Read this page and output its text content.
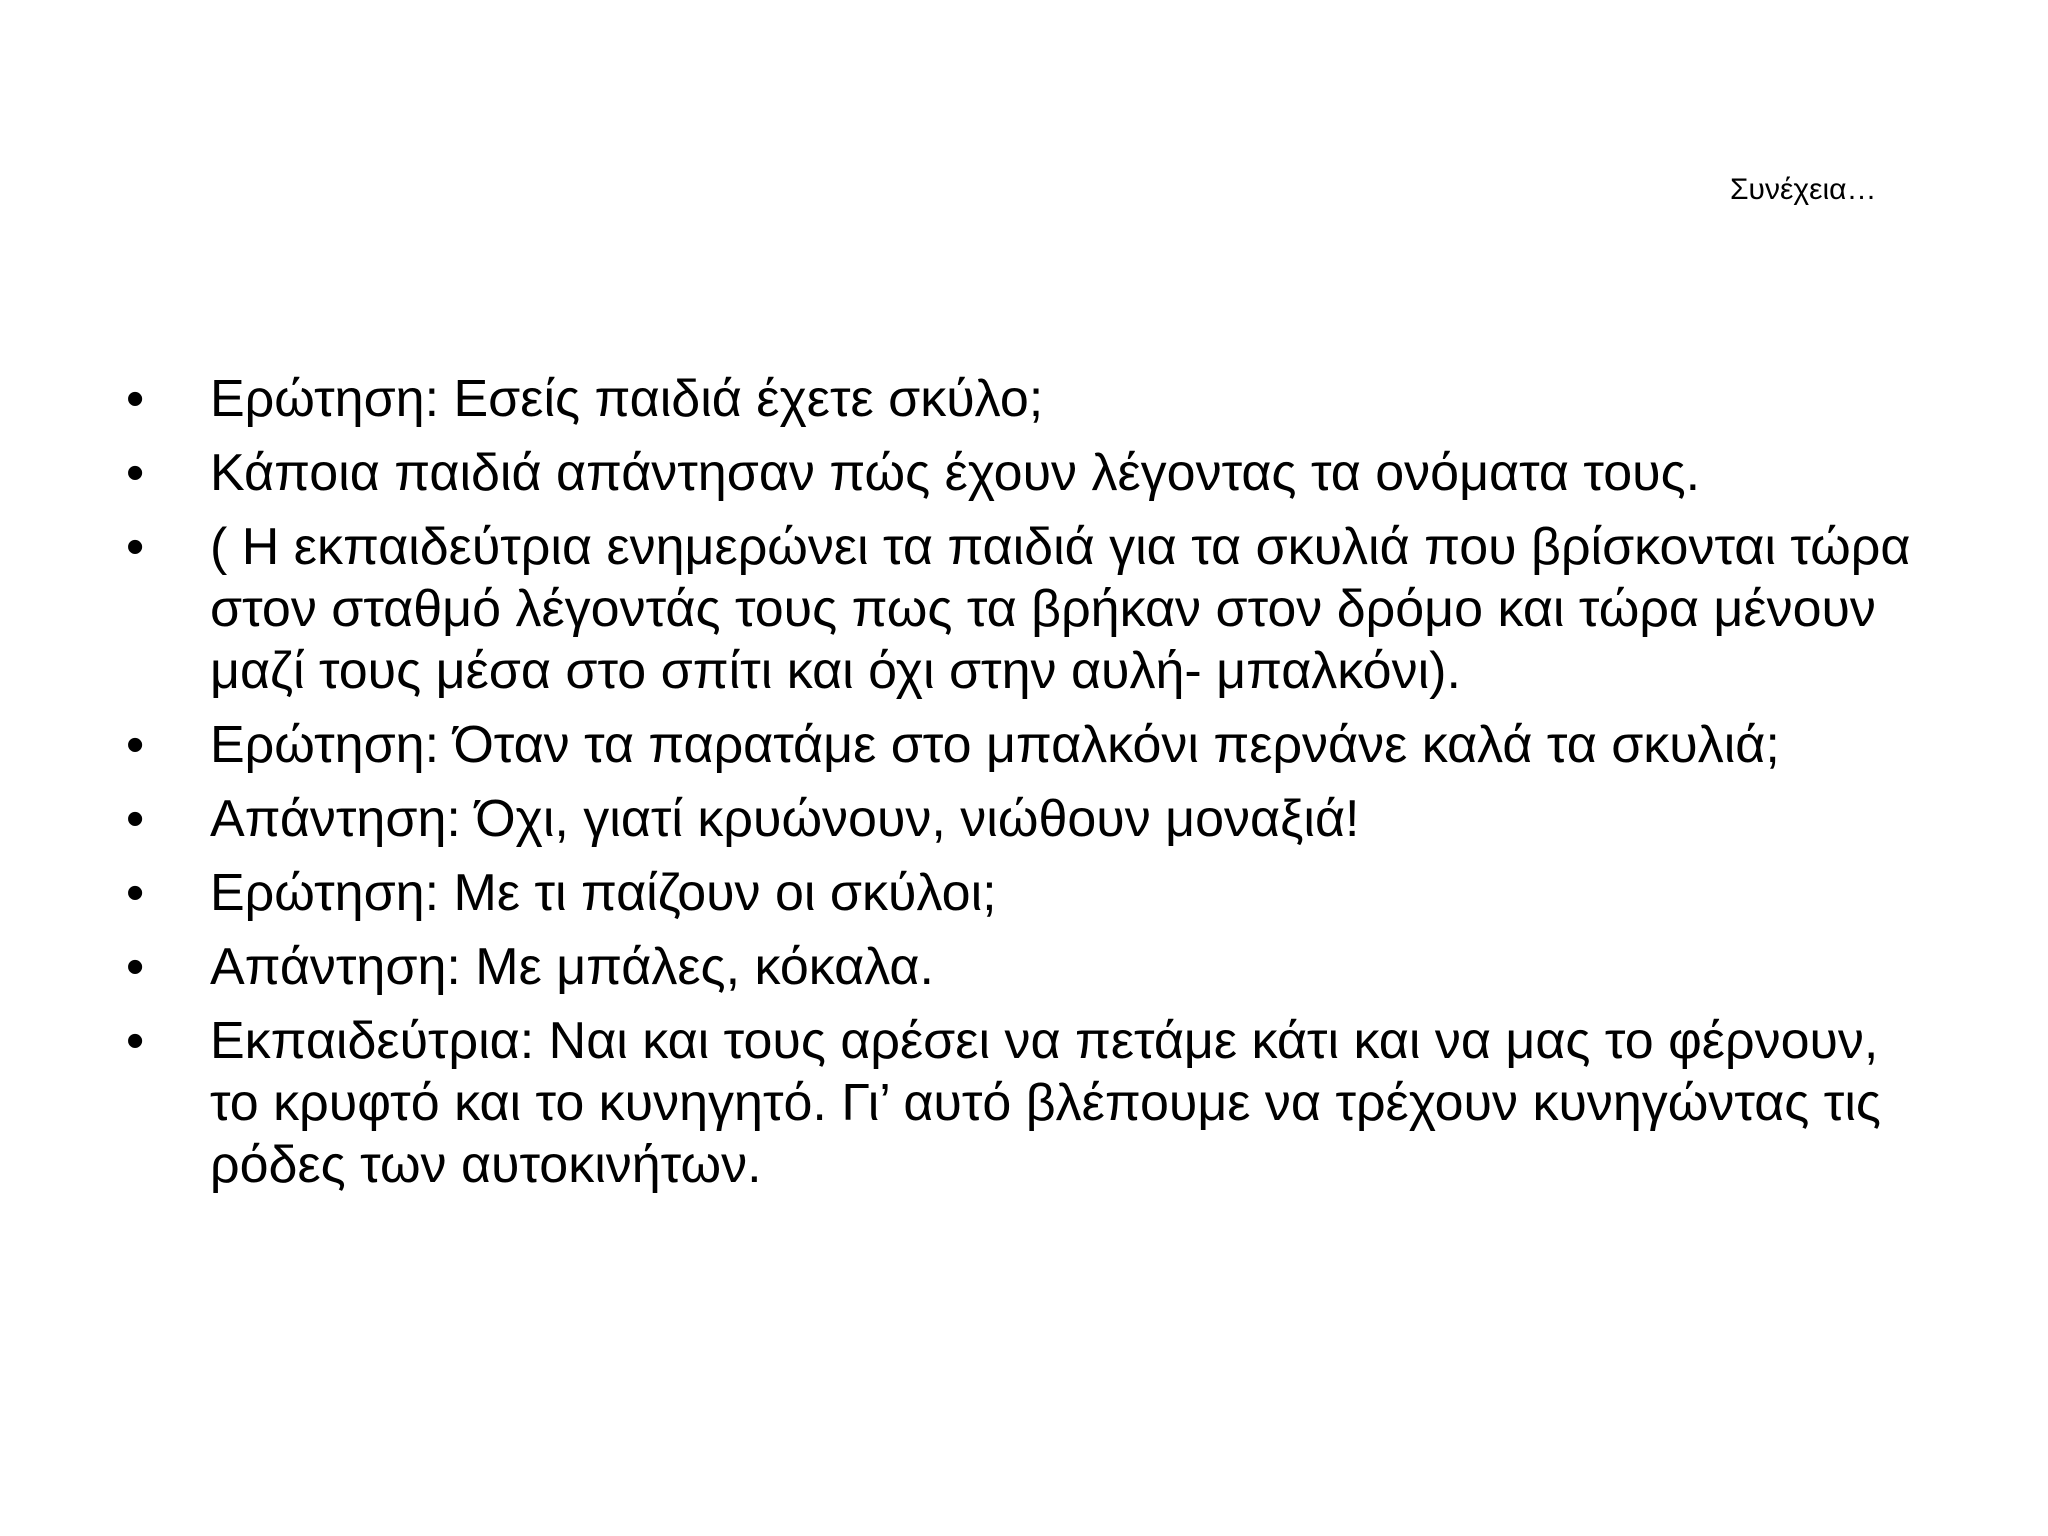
Συνέχεια…
•	Ερώτηση: Εσείς παιδιά έχετε σκύλο;
•	Κάποια παιδιά απάντησαν πώς έχουν λέγοντας τα ονόματα τους.
•	( Η εκπαιδεύτρια ενημερώνει τα παιδιά για τα σκυλιά που βρίσκονται τώρα στον σταθμό λέγοντάς τους πως τα βρήκαν στον δρόμο και τώρα μένουν μαζί τους μέσα στο σπίτι και όχι στην αυλή- μπαλκόνι).
•	Ερώτηση: Όταν τα παρατάμε στο μπαλκόνι περνάνε καλά τα σκυλιά;
•	Απάντηση: Όχι, γιατί κρυώνουν, νιώθουν μοναξιά!
•	Ερώτηση: Με τι παίζουν οι σκύλοι;
•	Απάντηση: Με μπάλες, κόκαλα.
•	Εκπαιδεύτρια: Ναι και τους αρέσει να πετάμε κάτι και να μας το φέρνουν, το κρυφτό και το κυνηγητό. Γι’ αυτό βλέπουμε να τρέχουν κυνηγώντας τις ρόδες των αυτοκινήτων.
